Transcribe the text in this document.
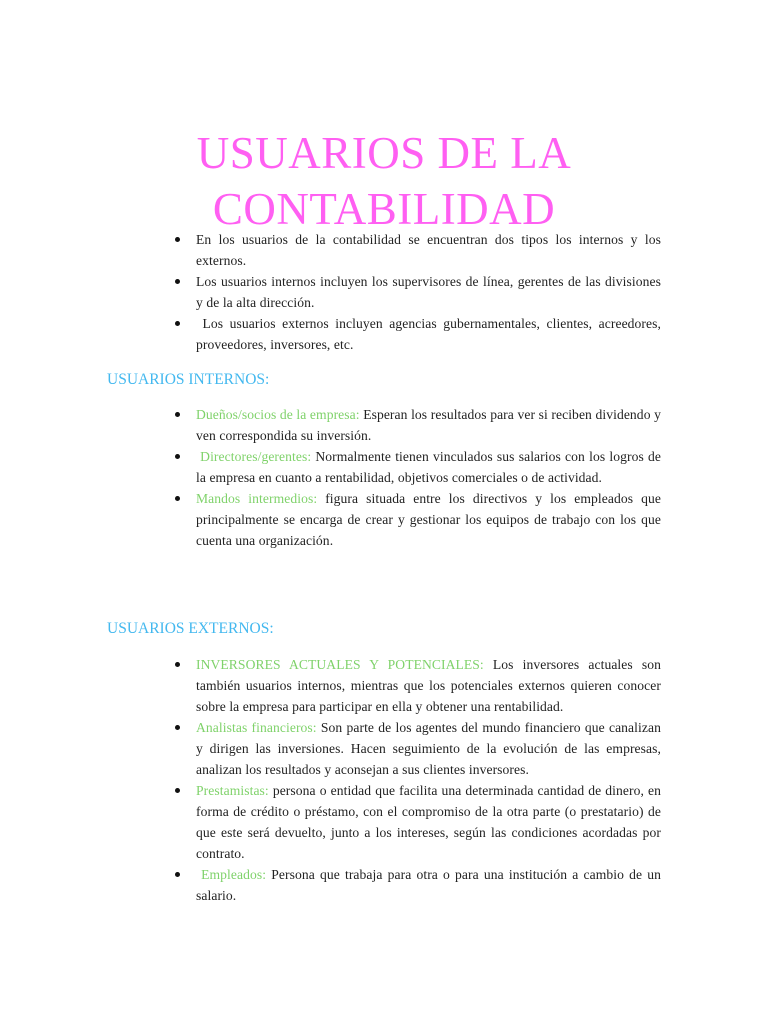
USUARIOS DE LA
CONTABILIDAD
En los usuarios de la contabilidad se encuentran dos tipos los internos y los externos.
Los usuarios internos incluyen los supervisores de línea, gerentes de las divisiones y de la alta dirección.
Los usuarios externos incluyen agencias gubernamentales, clientes, acreedores, proveedores, inversores, etc.
USUARIOS INTERNOS:
Dueños/socios de la empresa: Esperan los resultados para ver si reciben dividendo y ven correspondida su inversión.
Directores/gerentes: Normalmente tienen vinculados sus salarios con los logros de la empresa en cuanto a rentabilidad, objetivos comerciales o de actividad.
Mandos intermedios: figura situada entre los directivos y los empleados que principalmente se encarga de crear y gestionar los equipos de trabajo con los que cuenta una organización.
USUARIOS EXTERNOS:
INVERSORES ACTUALES Y POTENCIALES: Los inversores actuales son también usuarios internos, mientras que los potenciales externos quieren conocer sobre la empresa para participar en ella y obtener una rentabilidad.
Analistas financieros: Son parte de los agentes del mundo financiero que canalizan y dirigen las inversiones. Hacen seguimiento de la evolución de las empresas, analizan los resultados y aconsejan a sus clientes inversores.
Prestamistas: persona o entidad que facilita una determinada cantidad de dinero, en forma de crédito o préstamo, con el compromiso de la otra parte (o prestatario) de que este será devuelto, junto a los intereses, según las condiciones acordadas por contrato.
Empleados: Persona que trabaja para otra o para una institución a cambio de un salario.
